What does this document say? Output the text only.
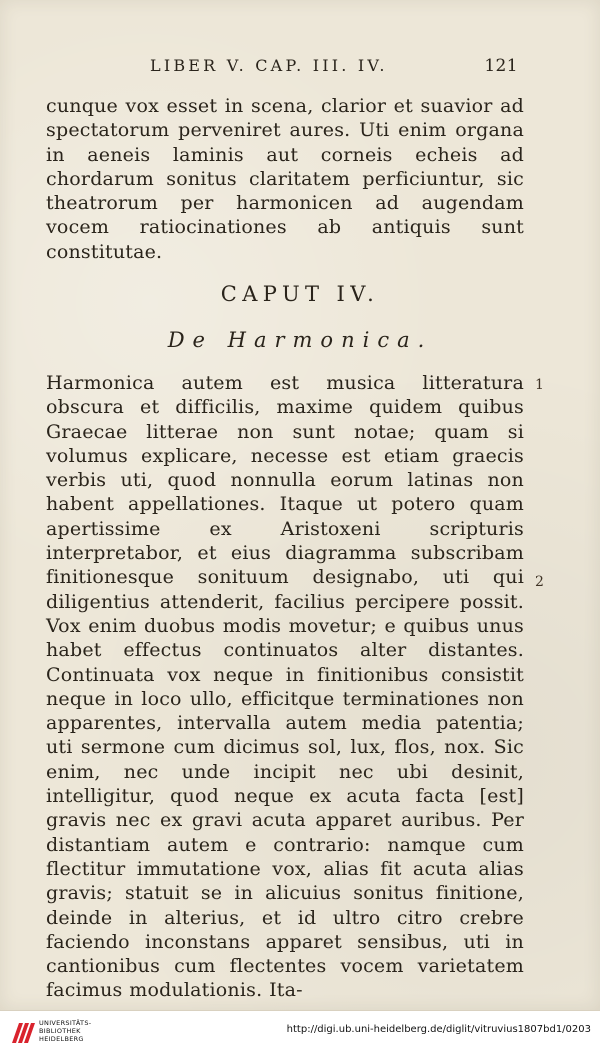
LIBER V. CAP. III. IV.	121
cunque vox esset in scena, clarior et suavior ad spectatorum perveniret aures. Uti enim organa in aeneis laminis aut corneis echeis ad chordarum sonitus claritatem perficiuntur, sic theatrorum per harmonicen ad augendam vocem ratiocinationes ab antiquis sunt constitutae.
CAPUT IV.
De Harmonica.
Harmonica autem est musica litteratura obscura et difficilis, maxime quidem quibus Graecae litterae non sunt notae; quam si volumus explicare, necesse est etiam graecis verbis uti, quod nonnulla eorum latinas non habent appellationes. Itaque ut potero quam apertissime ex Aristoxeni scripturis interpretabor, et eius diagramma subscribam finitionesque sonituum designabo, uti qui diligentius attenderit, facilius percipere possit. Vox enim duobus modis movetur; e quibus unus habet effectus continuatos alter distantes. Continuata vox neque in finitionibus consistit neque in loco ullo, efficitque terminationes non apparentes, intervalla autem media patentia; uti sermone cum dicimus sol, lux, flos, nox. Sic enim, nec unde incipit nec ubi desinit, intelligitur, quod neque ex acuta facta [est] gravis nec ex gravi acuta apparet auribus. Per distantiam autem e contrario: namque cum flectitur immutatione vox, alias fit acuta alias gravis; statuit se in alicuius sonitus finitione, deinde in alterius, et id ultro citro crebre faciendo inconstans apparet sensibus, uti in cantionibus cum flectentes vocem varietatem facimus modulationis. Ita-
1
2
UNIVERSITÄTS-
BIBLIOTHEK
HEIDELBERG
http://digi.ub.uni-heidelberg.de/diglit/vitruvius1807bd1/0203
